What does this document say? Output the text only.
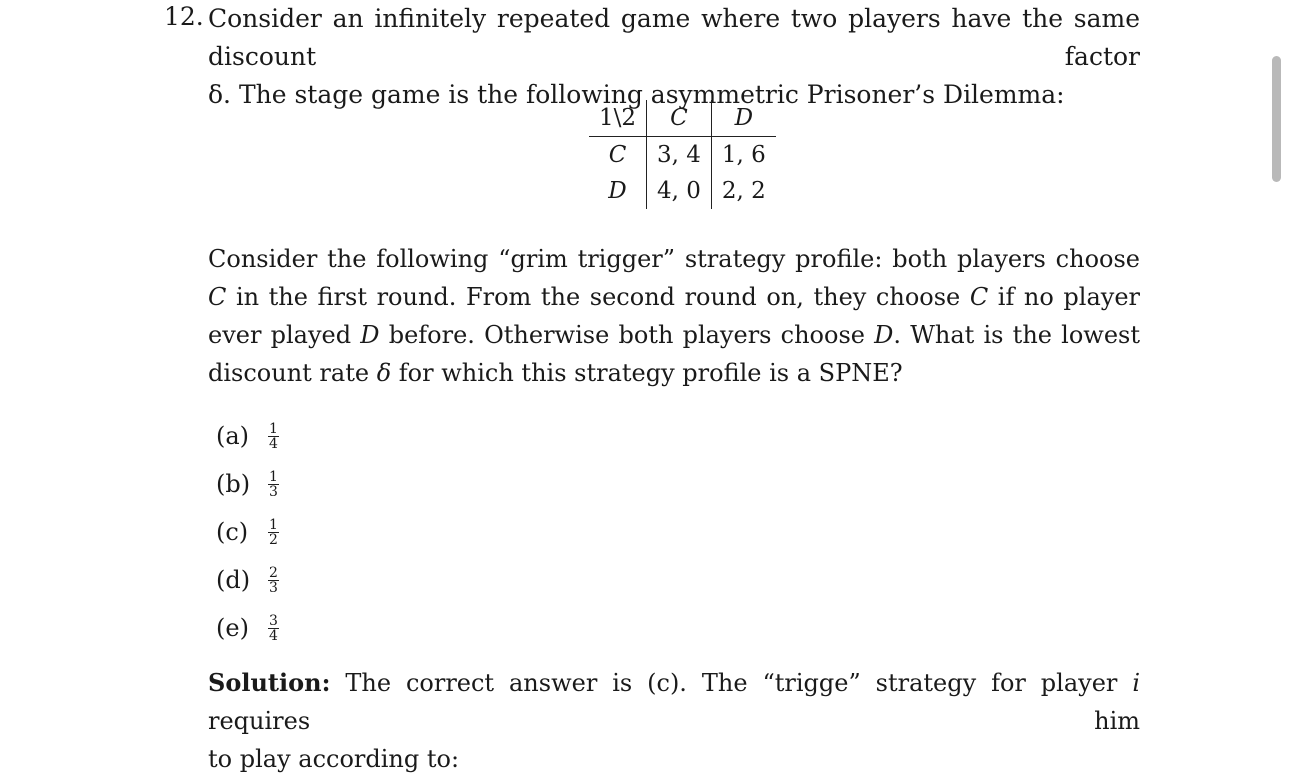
12. Consider an infinitely repeated game where two players have the same discount factor
δ. The stage game is the following asymmetric Prisoner’s Dilemma:
1\2	C	D
C	3, 4	1, 6
D	4, 0	2, 2
Consider the following “grim trigger” strategy profile: both players choose C in the first round. From the second round on, they choose C if no player ever played D before. Otherwise both players choose D. What is the lowest discount rate δ for which this strategy profile is a SPNE?
(a)	$\frac{1}{4}$
(b)	$\frac{1}{3}$
(c)	$\frac{1}{2}$
(d)	$\frac{2}{3}$
(e)	$\frac{3}{4}$
Solution: The correct answer is (c). The “trigge” strategy for player i requires him
to play according to:
